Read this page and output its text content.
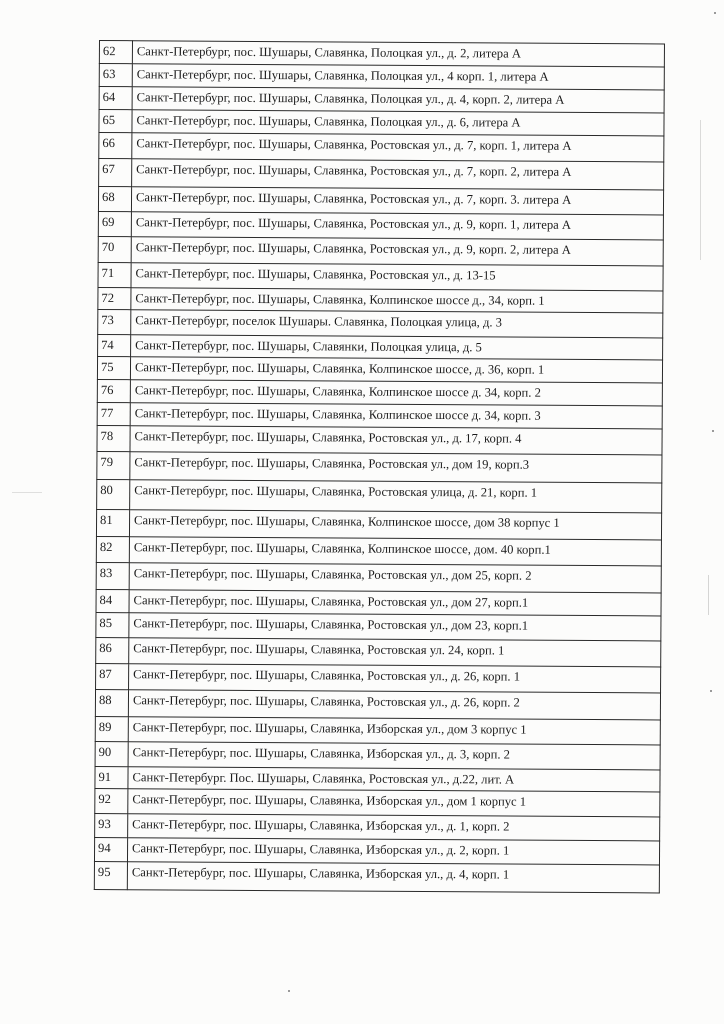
62	Санкт-Петербург, пос. Шушары, Славянка, Полоцкая ул., д. 2, литера А
63	Санкт-Петербург, пос. Шушары, Славянка, Полоцкая ул., 4 корп. 1, литера А
64	Санкт-Петербург, пос. Шушары, Славянка, Полоцкая ул., д. 4, корп. 2, литера А
65	Санкт-Петербург, пос. Шушары, Славянка, Полоцкая ул., д. 6, литера А
66	Санкт-Петербург, пос. Шушары, Славянка, Ростовская ул., д. 7, корп. 1, литера А
67	Санкт-Петербург, пос. Шушары, Славянка, Ростовская ул., д. 7, корп. 2, литера А
68	Санкт-Петербург, пос. Шушары, Славянка, Ростовская ул., д. 7, корп. 3. литера А
69	Санкт-Петербург, пос. Шушары, Славянка, Ростовская ул., д. 9, корп. 1, литера А
70	Санкт-Петербург, пос. Шушары, Славянка, Ростовская ул., д. 9, корп. 2, литера А
71	Санкт-Петербург, пос. Шушары, Славянка, Ростовская ул., д. 13-15
72	Санкт-Петербург, пос. Шушары, Славянка, Колпинское шоссе д., 34, корп. 1
73	Санкт-Петербург, поселок Шушары. Славянка, Полоцкая улица, д. 3
74	Санкт-Петербург, пос. Шушары, Славянки, Полоцкая улица, д. 5
75	Санкт-Петербург, пос. Шушары, Славянка, Колпинское шоссе, д. 36, корп. 1
76	Санкт-Петербург, пос. Шушары, Славянка, Колпинское шоссе д. 34, корп. 2
77	Санкт-Петербург, пос. Шушары, Славянка, Колпинское шоссе д. 34, корп. 3
78	Санкт-Петербург, пос. Шушары, Славянка, Ростовская ул., д. 17, корп. 4
79	Санкт-Петербург, пос. Шушары, Славянка, Ростовская ул., дом 19, корп.3
80	Санкт-Петербург, пос. Шушары, Славянка, Ростовская улица, д. 21, корп. 1
81	Санкт-Петербург, пос. Шушары, Славянка, Колпинское шоссе, дом 38 корпус 1
82	Санкт-Петербург, пос. Шушары, Славянка, Колпинское шоссе, дом. 40 корп.1
83	Санкт-Петербург, пос. Шушары, Славянка, Ростовская ул., дом 25, корп. 2
84	Санкт-Петербург, пос. Шушары, Славянка, Ростовская ул., дом 27, корп.1
85	Санкт-Петербург, пос. Шушары, Славянка, Ростовская ул., дом 23, корп.1
86	Санкт-Петербург, пос. Шушары, Славянка, Ростовская ул. 24, корп. 1
87	Санкт-Петербург, пос. Шушары, Славянка, Ростовская ул., д. 26, корп. 1
88	Санкт-Петербург, пос. Шушары, Славянка, Ростовская ул., д. 26, корп. 2
89	Санкт-Петербург, пос. Шушары, Славянка, Изборская ул., дом 3 корпус 1
90	Санкт-Петербург, пос. Шушары, Славянка, Изборская ул., д. 3, корп. 2
91	Санкт-Петербург. Пос. Шушары, Славянка, Ростовская ул., д.22, лит. А
92	Санкт-Петербург, пос. Шушары, Славянка, Изборская ул., дом 1 корпус 1
93	Санкт-Петербург, пос. Шушары, Славянка, Изборская ул., д. 1, корп. 2
94	Санкт-Петербург, пос. Шушары, Славянка, Изборская ул., д. 2, корп. 1
95	Санкт-Петербург, пос. Шушары, Славянка, Изборская ул., д. 4, корп. 1
